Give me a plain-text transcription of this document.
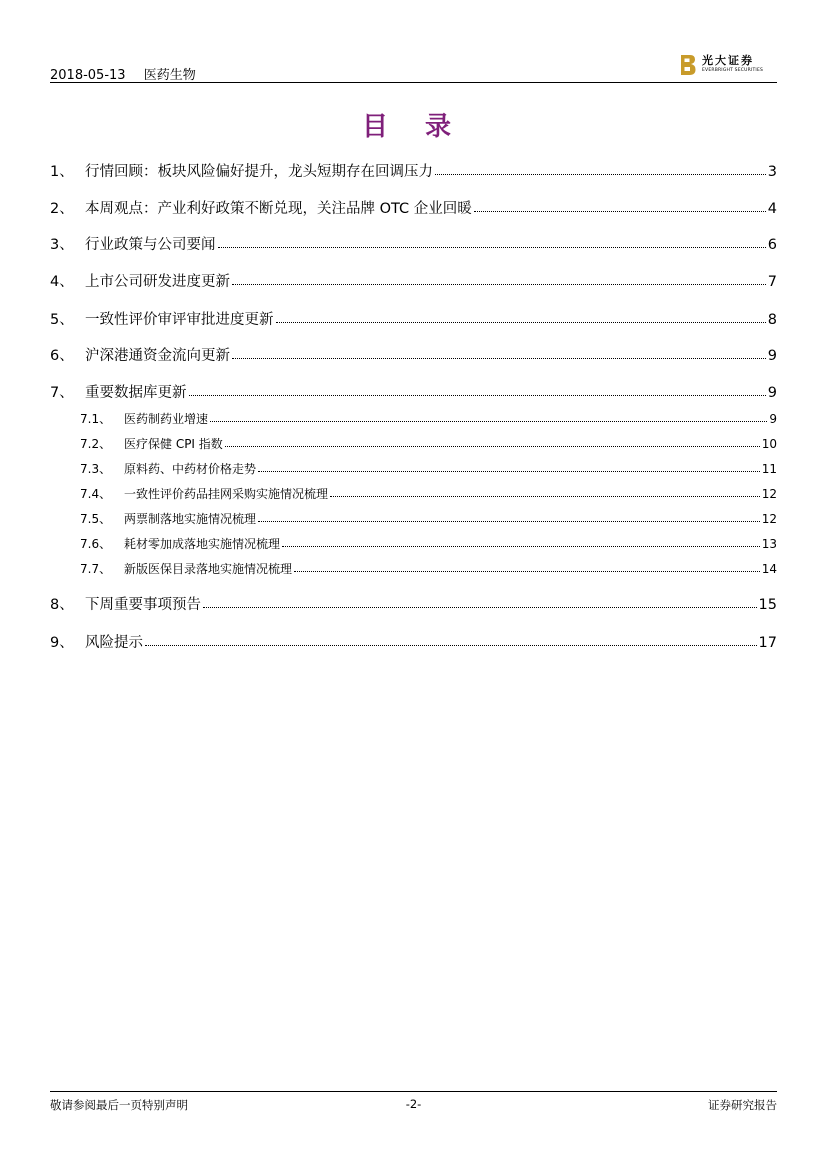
2018-05-13 医药生物
光大证券
EVERBRIGHT SECURITIES
目 录
1、 行情回顾：板块风险偏好提升，龙头短期存在回调压力	3
2、 本周观点：产业利好政策不断兑现，关注品牌 OTC 企业回暖	4
3、 行业政策与公司要闻	6
4、 上市公司研发进度更新	7
5、 一致性评价审评审批进度更新	8
6、 沪深港通资金流向更新	9
7、 重要数据库更新	9
7.1、	医药制药业增速	9
7.2、	医疗保健 CPI 指数	10
7.3、	原料药、中药材价格走势	11
7.4、	一致性评价药品挂网采购实施情况梳理	12
7.5、	两票制落地实施情况梳理	12
7.6、	耗材零加成落地实施情况梳理	13
7.7、	新版医保目录落地实施情况梳理	14
8、 下周重要事项预告	15
9、 风险提示	17
敬请参阅最后一页特别声明	-2-	证券研究报告
